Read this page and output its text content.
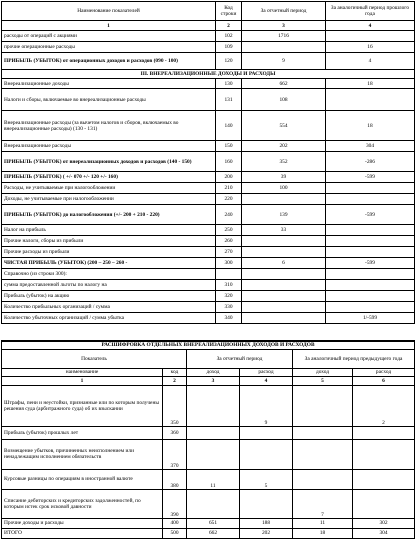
Наименование показателей	Код строки	За отчетный период	За аналогичный период прошлого года
1	2	3	4
расходы от операций с акциями	102	1716	
прочие операционные расходы	109		16
ПРИБЫЛЬ (УБЫТОК) от операционных доходов и расходов (090 - 100)	120	9	4
III. ВНЕРЕАЛИЗАЦИОННЫЕ ДОХОДЫ И РАСХОДЫ			
Внереализационные доходы	130	662	18
Налоги и сборы, включаемые во внереализационные расходы	131	108	
Внереализационные расходы (за вычетом налогов и сборов, включаемых во внереализационные расходы) (130 - 131)	140	554	18
Внереализационные расходы	150	202	304
ПРИБЫЛЬ (УБЫТОК) от внереализационных доходов и расходов (140 - 150)	160	352	-286
ПРИБЫЛЬ (УБЫТОК) ( +/- 070 +/- 120 +/- 160)	200	39	-599
Расходы, не учитываемые при налогообложении	210	100	
Доходы, не учитываемые при налогообложении	220		
ПРИБЫЛЬ (УБЫТОК) до налогообложения (+/- 200 + 210 - 220)	240	139	-599
Налог на прибыль	250	33	
Прочие налоги, сборы из прибыли	260		
Прочие расходы из прибыли	270		
ЧИСТАЯ ПРИБЫЛЬ (УБЫТОК) (200 – 250 – 260 -	300	6	-599
Справочно (из строки 300):			
сумма предоставленной льготы по налогу на	310		
Прибыль (убыток) на акцию	320		
Количество прибыльных организаций / сумма	330		
Количество убыточных организаций / сумма убытка	340		1/-599
РАСШИФРОВКА ОТДЕЛЬНЫХ ВНЕРЕАЛИЗАЦИОННЫХ ДОХОДОВ И РАСХОДОВ					
Показатель		За отчетный период		За аналогичный период предыдущего года	
наименование	код	доход	расход	доход	расход
1	2	3	4	5	6
Штрафы, пени и неустойки, признанные или по которым получены решения суда (арбитражного суда) об их взыскании	350		9		2
Прибыль (убыток) прошлых лет	360				
Возмещение убытков, причиненных неисполнением или ненадлежащим исполнением обязательств	370				
Курсовые разницы по операциям в иностранной валюте	380	11	5		
Списание дебиторских и кредиторских задолженностей, по которым истек срок исковой давности	390			7	
Прочие доходы и расходы	400	651	188	11	302
ИТОГО	500	662	202	18	304
